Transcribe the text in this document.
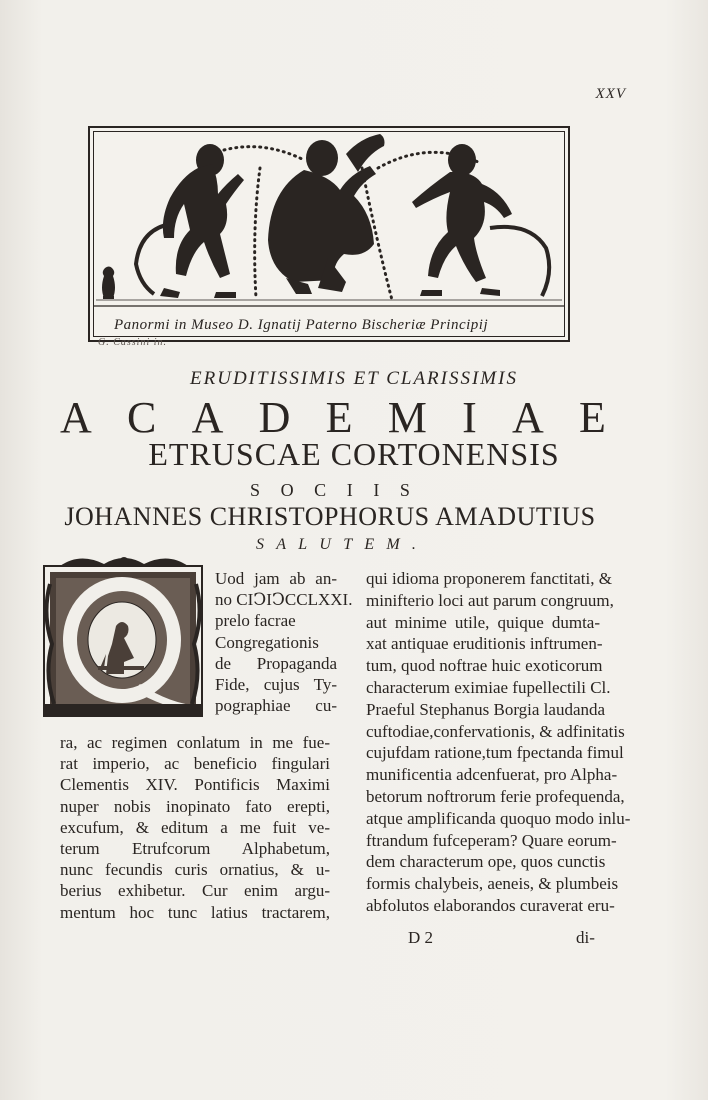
XXV
Panormi in Museo D. Ignatij Paterno Bischeriæ Principij
G. Cassini in.
ERUDITISSIMIS ET CLARISSIMIS
A C A D E M I A E
ETRUSCAE CORTONENSIS
S O C I I S
JOHANNES CHRISTOPHORUS AMADUTIUS
S A L U T E M .
Uod jam ab an-
no CIↃIↃCCLXXI.
prelo facrae
Congregationis
de Propaganda
Fide, cujus Ty-
pographiae cu-
ra, ac regimen conlatum in me fue-
rat imperio, ac beneficio fingulari
Clementis XIV. Pontificis Maximi
nuper nobis inopinato fato erepti,
excufum, & editum a me fuit ve-
terum Etrufcorum Alphabetum,
nunc fecundis curis ornatius, & u-
berius exhibetur. Cur enim argu-
mentum hoc tunc latius tractarem,
qui idioma proponerem fanctitati, &
minifterio loci aut parum congruum,
aut minime utile, quique dumta-
xat antiquae eruditionis inftrumen-
tum, quod noftrae huic exoticorum
characterum eximiae fupellectili Cl.
Praeful Stephanus Borgia laudanda
cuftodiae,confervationis, & adfinitatis
cujufdam ratione,tum fpectanda fimul
munificentia adcenfuerat, pro Alpha-
betorum noftrorum ferie profequenda,
atque amplificanda quoquo modo inlu-
ftrandum fufceperam? Quare eorum-
dem characterum ope, quos cunctis
formis chalybeis, aeneis, & plumbeis
abfolutos elaborandos curaverat eru-
D 2	di-
